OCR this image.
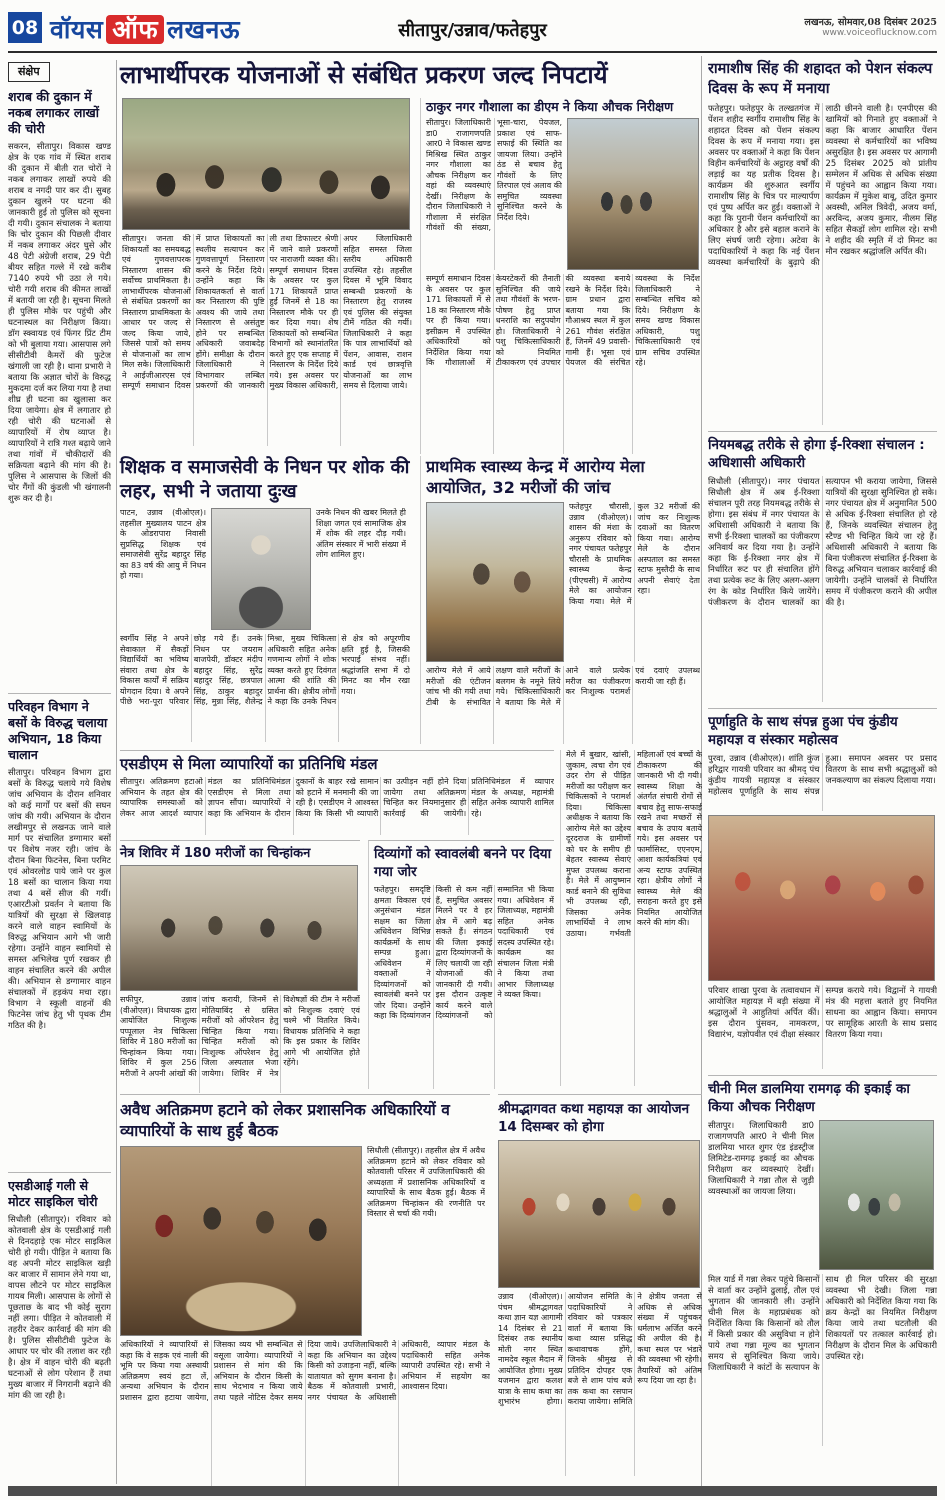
08 वॉयस ऑफ लखनऊ	सीतापुर/उन्नाव/फतेहपुर	लखनऊ, सोमवार,08 दिसंबर 2025
www.voiceoflucknow.com
संक्षेप
शराब की दुकान में नकब लगाकर लाखों की चोरी
सकरन, सीतापुर। विकास खण्ड क्षेत्र के एक गांव में स्थित शराब की दुकान में बीती रात चोरों ने नकब लगाकर लाखों रुपये की शराब व नगदी पार कर दी। सुबह दुकान खुलने पर घटना की जानकारी हुई तो पुलिस को सूचना दी गयी। दुकान संचालक ने बताया कि चोर दुकान की पिछली दीवार में नकब लगाकर अंदर घुसे और 48 पेटी अंग्रेजी शराब, 29 पेटी बीयर सहित गल्ले में रखे करीब 7140 रुपये भी उठा ले गये। चोरी गयी शराब की कीमत लाखों में बतायी जा रही है। सूचना मिलते ही पुलिस मौके पर पहुंची और घटनास्थल का निरीक्षण किया। डॉग स्क्वायड एवं फिंगर प्रिंट टीम को भी बुलाया गया। आसपास लगे सीसीटीवी कैमरों की फुटेज खंगाली जा रही है। थाना प्रभारी ने बताया कि अज्ञात चोरों के विरुद्ध मुकदमा दर्ज कर लिया गया है तथा शीघ्र ही घटना का खुलासा कर दिया जायेगा। क्षेत्र में लगातार हो रही चोरी की घटनाओं से व्यापारियों में रोष व्याप्त है। व्यापारियों ने रात्रि गश्त बढ़ाये जाने तथा गांवों में चौकीदारों की सक्रियता बढ़ाने की मांग की है। पुलिस ने आसपास के जिलों की चोर गैंगों की कुंडली भी खंगालनी शुरू कर दी है।
परिवहन विभाग ने बसों के विरुद्ध चलाया अभियान, 18 किया चालान
सीतापुर। परिवहन विभाग द्वारा बसों के विरुद्ध चलाये गये विशेष जांच अभियान के दौरान शनिवार को कई मार्गों पर बसों की सघन जांच की गयी। अभियान के दौरान लखीमपुर से लखनऊ जाने वाले मार्ग पर संचालित डग्गामार बसों पर विशेष नजर रही। जांच के दौरान बिना फिटनेस, बिना परमिट एवं ओवरलोड पाये जाने पर कुल 18 बसों का चालान किया गया तथा 4 बसें सीज की गयीं। एआरटीओ प्रवर्तन ने बताया कि यात्रियों की सुरक्षा से खिलवाड़ करने वाले वाहन स्वामियों के विरुद्ध अभियान आगे भी जारी रहेगा। उन्होंने वाहन स्वामियों से समस्त अभिलेख पूर्ण रखकर ही वाहन संचालित करने की अपील की। अभियान से डग्गामार वाहन संचालकों में हड़कंप मचा रहा। विभाग ने स्कूली वाहनों की फिटनेस जांच हेतु भी पृथक टीम गठित की है।
एसडीआई गली से मोटर साइकिल चोरी
सिधौली (सीतापुर)। रविवार को कोतवाली क्षेत्र के एसडीआई गली से दिनदहाड़े एक मोटर साइकिल चोरी हो गयी। पीड़ित ने बताया कि वह अपनी मोटर साइकिल खड़ी कर बाजार में सामान लेने गया था, वापस लौटने पर मोटर साइकिल गायब मिली। आसपास के लोगों से पूछताछ के बाद भी कोई सुराग नहीं लगा। पीड़ित ने कोतवाली में तहरीर देकर कार्रवाई की मांग की है। पुलिस सीसीटीवी फुटेज के आधार पर चोर की तलाश कर रही है। क्षेत्र में वाहन चोरी की बढ़ती घटनाओं से लोग परेशान हैं तथा मुख्य बाजार में निगरानी बढ़ाने की मांग की जा रही है।
लाभार्थीपरक योजनाओं से संबंधित प्रकरण जल्द निपटायें
सीतापुर। जनता की शिकायतों का समयबद्ध एवं गुणवत्तापरक निस्तारण शासन की सर्वोच्च प्राथमिकता है। लाभार्थीपरक योजनाओं से संबंधित प्रकरणों का निस्तारण प्राथमिकता के आधार पर जल्द से जल्द किया जाये, जिससे पात्रों को समय से योजनाओं का लाभ मिल सके। जिलाधिकारी ने आईजीआरएस एवं सम्पूर्ण समाधान दिवस में प्राप्त शिकायतों का स्थलीय सत्यापन कर गुणवत्तापूर्ण निस्तारण करने के निर्देश दिये। उन्होंने कहा कि शिकायतकर्ता से वार्ता कर निस्तारण की पुष्टि अवश्य की जाये तथा निस्तारण से असंतुष्ट होने पर सम्बन्धित अधिकारी जवाबदेह होंगे। समीक्षा के दौरान जिलाधिकारी ने विभागवार लम्बित प्रकरणों की जानकारी ली तथा डिफाल्टर श्रेणी में जाने वाले प्रकरणों पर नाराजगी व्यक्त की। सम्पूर्ण समाधान दिवस के अवसर पर कुल 171 शिकायतें प्राप्त हुईं जिनमें से 18 का निस्तारण मौके पर ही कर दिया गया। शेष शिकायतों को सम्बन्धित विभागों को स्थानांतरित करते हुए एक सप्ताह में निस्तारण के निर्देश दिये गये। इस अवसर पर मुख्य विकास अधिकारी, अपर जिलाधिकारी सहित समस्त जिला स्तरीय अधिकारी उपस्थित रहे। तहसील दिवस में भूमि विवाद सम्बन्धी प्रकरणों के निस्तारण हेतु राजस्व एवं पुलिस की संयुक्त टीमें गठित की गयीं। जिलाधिकारी ने कहा कि पात्र लाभार्थियों को पेंशन, आवास, राशन कार्ड एवं छात्रवृत्ति योजनाओं का लाभ समय से दिलाया जाये।
ठाकुर नगर गौशाला का डीएम ने किया औचक निरीक्षण
सीतापुर। जिलाधिकारी डा0 राजागणपति आर0 ने विकास खण्ड मिश्रिख स्थित ठाकुर नगर गौशाला का औचक निरीक्षण कर वहां की व्यवस्थाएं देखीं। निरीक्षण के दौरान जिलाधिकारी ने गौशाला में संरक्षित गौवंशों की संख्या, भूसा-चारा, पेयजल, प्रकाश एवं साफ-सफाई की स्थिति का जायजा लिया। उन्होंने ठंड से बचाव हेतु गौवंशों के लिए तिरपाल एवं अलाव की समुचित व्यवस्था सुनिश्चित करने के निर्देश दिये।
सम्पूर्ण समाधान दिवस के अवसर पर कुल 171 शिकायतों में से 18 का निस्तारण मौके पर ही किया गया। इसीक्रम में उपस्थित अधिकारियों को निर्देशित किया गया कि गौशालाओं में केयरटेकरों की तैनाती सुनिश्चित की जाये तथा गौवंशों के भरण-पोषण हेतु प्राप्त धनराशि का सदुपयोग हो। जिलाधिकारी ने पशु चिकित्साधिकारी को नियमित टीकाकरण एवं उपचार की व्यवस्था बनाये रखने के निर्देश दिये। ग्राम प्रधान द्वारा बताया गया कि गौआश्रय स्थल में कुल 261 गौवंश संरक्षित हैं, जिनमें 49 प्रवासी-गामी हैं। भूसा एवं पेयजल की संरचित व्यवस्था के निर्देश जिलाधिकारी ने सम्बन्धित सचिव को दिये। निरीक्षण के समय खण्ड विकास अधिकारी, पशु चिकित्साधिकारी एवं ग्राम सचिव उपस्थित रहे।
शिक्षक व समाजसेवी के निधन पर शोक की लहर, सभी ने जताया दुःख
पाटन, उन्नाव (वीओएल)। तहसील मुख्यालय पाटन क्षेत्र के ओडरापारा निवासी सुप्रसिद्ध शिक्षक एवं समाजसेवी सुरेंद्र बहादुर सिंह का 83 वर्ष की आयु में निधन हो गया।
उनके निधन की खबर मिलते ही शिक्षा जगत एवं सामाजिक क्षेत्र में शोक की लहर दौड़ गयी। अंतिम संस्कार में भारी संख्या में लोग शामिल हुए।
स्वर्गीय सिंह ने अपने सेवाकाल में सैकड़ों विद्यार्थियों का भविष्य संवारा तथा क्षेत्र के विकास कार्यों में सक्रिय योगदान दिया। वे अपने पीछे भरा-पूरा परिवार छोड़ गये हैं। उनके निधन पर जयराम बाजपेयी, डॉक्टर मंदीप बहादुर सिंह, सुरेंद्र बहादुर सिंह, छत्रपाल सिंह, ठाकुर बहादुर सिंह, मुन्ना सिंह, शैलेन्द्र मिश्रा, मुख्य चिकित्सा अधिकारी सहित अनेक गणमान्य लोगों ने शोक व्यक्त करते हुए दिवंगत आत्मा की शांति की प्रार्थना की। क्षेत्रीय लोगों ने कहा कि उनके निधन से क्षेत्र को अपूरणीय क्षति हुई है, जिसकी भरपाई संभव नहीं। श्रद्धांजलि सभा में दो मिनट का मौन रखा गया।
प्राथमिक स्वास्थ्य केन्द्र में आरोग्य मेला आयोजित, 32 मरीजों की जांच
फतेहपुर चौरासी, उन्नाव (वीओएल)। शासन की मंशा के अनुरूप रविवार को नगर पंचायत फतेहपुर चौरासी के प्राथमिक स्वास्थ्य केन्द्र (पीएचसी) में आरोग्य मेले का आयोजन किया गया। मेले में कुल 32 मरीजों की जांच कर निःशुल्क दवाओं का वितरण किया गया। आरोग्य मेले के दौरान अस्पताल का समस्त स्टाफ मुस्तैदी के साथ अपनी सेवाएं देता रहा।
आरोग्य मेले में आये मरीजों की एंटीजन जांच भी की गयी तथा टीबी के संभावित लक्षण वाले मरीजों के बलगम के नमूने लिये गये। चिकित्साधिकारी ने बताया कि मेले में आने वाले प्रत्येक मरीज का पंजीकरण कर निःशुल्क परामर्श एवं दवाएं उपलब्ध करायी जा रही हैं।
मेले में बुखार, खांसी, जुकाम, त्वचा रोग एवं उदर रोग से पीड़ित मरीजों का परीक्षण कर चिकित्सकों ने परामर्श दिया। चिकित्सा अधीक्षक ने बताया कि आरोग्य मेले का उद्देश्य दूरदराज के ग्रामीणों को घर के समीप ही बेहतर स्वास्थ्य सेवाएं मुफ्त उपलब्ध कराना है। मेले में आयुष्मान कार्ड बनाने की सुविधा भी उपलब्ध रही, जिसका अनेक लाभार्थियों ने लाभ उठाया। गर्भवती महिलाओं एवं बच्चों के टीकाकरण की जानकारी भी दी गयी। स्वास्थ्य शिक्षा के अंतर्गत संचारी रोगों से बचाव हेतु साफ-सफाई रखने तथा मच्छरों से बचाव के उपाय बताये गये। इस अवसर पर फार्मासिस्ट, एएनएम, आशा कार्यकत्रियां एवं अन्य स्टाफ उपस्थित रहा। क्षेत्रीय लोगों ने स्वास्थ्य मेले की सराहना करते हुए इसे नियमित आयोजित करने की मांग की।
एसडीएम से मिला व्यापारियों का प्रतिनिधि मंडल
सीतापुर। अतिक्रमण हटाओ अभियान के तहत क्षेत्र की व्यापारिक समस्याओं को लेकर आज आदर्श व्यापार मंडल का प्रतिनिधिमंडल एसडीएम से मिला तथा ज्ञापन सौंपा। व्यापारियों ने कहा कि अभियान के दौरान दुकानों के बाहर रखे सामान को हटाने में मनमानी की जा रही है। एसडीएम ने आश्वस्त किया कि किसी भी व्यापारी का उत्पीड़न नहीं होने दिया जायेगा तथा अतिक्रमण चिन्हित कर नियमानुसार ही कार्रवाई की जायेगी। प्रतिनिधिमंडल में व्यापार मंडल के अध्यक्ष, महामंत्री सहित अनेक व्यापारी शामिल रहे।
नेत्र शिविर में 180 मरीजों का चिन्हांकन
सफीपुर, उन्नाव (वीओएल)। विधायक द्वारा आयोजित निःशुल्क पप्पूलाल नेत्र चिकित्सा शिविर में 180 मरीजों का चिन्हांकन किया गया। शिविर में कुल 256 मरीजों ने अपनी आंखों की जांच करायी, जिनमें से मोतियाबिंद से ग्रसित मरीजों को ऑपरेशन हेतु चिन्हित किया गया। चिन्हित मरीजों को निःशुल्क ऑपरेशन हेतु जिला अस्पताल भेजा जायेगा। शिविर में नेत्र विशेषज्ञों की टीम ने मरीजों को निःशुल्क दवाएं एवं चश्मे भी वितरित किये। विधायक प्रतिनिधि ने कहा कि इस प्रकार के शिविर आगे भी आयोजित होते रहेंगे।
दिव्यांगों को स्वावलंबी बनने पर दिया गया जोर
फतेहपुर। समदृष्टि क्षमता विकास एवं अनुसंधान मंडल सक्षम का जिला अधिवेशन विभिन्न कार्यक्रमों के साथ सम्पन्न हुआ। अधिवेशन में वक्ताओं ने दिव्यांगजनों को स्वावलंबी बनने पर जोर दिया। उन्होंने कहा कि दिव्यांगजन किसी से कम नहीं हैं, समुचित अवसर मिलने पर वे हर क्षेत्र में आगे बढ़ सकते हैं। संगठन की जिला इकाई द्वारा दिव्यांगजनों के लिए चलायी जा रही योजनाओं की जानकारी दी गयी। इस दौरान उत्कृष्ट कार्य करने वाले दिव्यांगजनों को सम्मानित भी किया गया। अधिवेशन में जिलाध्यक्ष, महामंत्री सहित अनेक पदाधिकारी एवं सदस्य उपस्थित रहे। कार्यक्रम का संचालन जिला मंत्री ने किया तथा आभार जिलाध्यक्ष ने व्यक्त किया।
अवैध अतिक्रमण हटाने को लेकर प्रशासनिक अधिकारियों व व्यापारियों के साथ हुई बैठक
सिधौली (सीतापुर)। तहसील क्षेत्र में अवैध अतिक्रमण हटाने को लेकर रविवार को कोतवाली परिसर में उपजिलाधिकारी की अध्यक्षता में प्रशासनिक अधिकारियों व व्यापारियों के साथ बैठक हुई। बैठक में अतिक्रमण चिन्हांकन की रणनीति पर विस्तार से चर्चा की गयी।
अधिकारियों ने व्यापारियों से कहा कि वे सड़क एवं नाली की भूमि पर किया गया अस्थायी अतिक्रमण स्वयं हटा लें, अन्यथा अभियान के दौरान प्रशासन द्वारा हटाया जायेगा, जिसका व्यय भी सम्बन्धित से वसूला जायेगा। व्यापारियों ने प्रशासन से मांग की कि अभियान के दौरान किसी के साथ भेदभाव न किया जाये तथा पहले नोटिस देकर समय दिया जाये। उपजिलाधिकारी ने कहा कि अभियान का उद्देश्य किसी को उजाड़ना नहीं, बल्कि यातायात को सुगम बनाना है। बैठक में कोतवाली प्रभारी, नगर पंचायत के अधिशासी अधिकारी, व्यापार मंडल के पदाधिकारी सहित अनेक व्यापारी उपस्थित रहे। सभी ने अभियान में सहयोग का आश्वासन दिया।
श्रीमद्भागवत कथा महायज्ञ का आयोजन 14 दिसम्बर को होगा
उन्नाव (वीओएल)। पंचम श्रीमद्भागवत कथा ज्ञान यज्ञ आगामी 14 दिसंबर से 21 दिसंबर तक स्थानीय मोती नगर स्थित नामदेव स्कूल मैदान में आयोजित होगा। मुख्य यजमान द्वारा कलश यात्रा के साथ कथा का शुभारंभ होगा। आयोजन समिति के पदाधिकारियों ने रविवार को पत्रकार वार्ता में बताया कि कथा व्यास प्रसिद्ध कथावाचक होंगे, जिनके श्रीमुख से प्रतिदिन दोपहर एक बजे से शाम पांच बजे तक कथा का रसपान कराया जायेगा। समिति ने क्षेत्रीय जनता से अधिक से अधिक संख्या में पहुंचकर धर्मलाभ अर्जित करने की अपील की है। कथा स्थल पर भंडारे की व्यवस्था भी रहेगी। तैयारियों को अंतिम रूप दिया जा रहा है।
रामाशीष सिंह की शहादत को पेशन संकल्प दिवस के रूप में मनाया
फतेहपुर। फतेहपुर के तल्खतगंज में पेंशन शहीद स्वर्गीय रामाशीष सिंह के शहादत दिवस को पेंशन संकल्प दिवस के रूप में मनाया गया। इस अवसर पर वक्ताओं ने कहा कि पेंशन विहीन कर्मचारियों के अट्ठारह वर्षों की लड़ाई का यह प्रतीक दिवस है। कार्यक्रम की शुरुआत स्वर्गीय रामाशीष सिंह के चित्र पर माल्यार्पण एवं पुष्प अर्पित कर हुई। वक्ताओं ने कहा कि पुरानी पेंशन कर्मचारियों का अधिकार है और इसे बहाल कराने के लिए संघर्ष जारी रहेगा। अटेवा के पदाधिकारियों ने कहा कि नई पेंशन व्यवस्था कर्मचारियों के बुढ़ापे की लाठी छीनने वाली है। एनपीएस की खामियों को गिनाते हुए वक्ताओं ने कहा कि बाजार आधारित पेंशन व्यवस्था से कर्मचारियों का भविष्य असुरक्षित है। इस अवसर पर आगामी 25 दिसंबर 2025 को प्रांतीय सम्मेलन में अधिक से अधिक संख्या में पहुंचने का आह्वान किया गया। कार्यक्रम में मुकेश बाबू, उदित कुमार अवस्थी, अनिल त्रिवेदी, अजय वर्मा, अरविन्द, अजय कुमार, नीलम सिंह सहित सैकड़ों लोग शामिल रहे। सभी ने शहीद की स्मृति में दो मिनट का मौन रखकर श्रद्धांजलि अर्पित की।
नियमबद्ध तरीके से होगा ई-रिक्शा संचालन : अधिशासी अधिकारी
सिधौली (सीतापुर)। नगर पंचायत सिधौली क्षेत्र में अब ई-रिक्शा संचालन पूरी तरह नियमबद्ध तरीके से होगा। इस संबंध में नगर पंचायत के अधिशासी अधिकारी ने बताया कि सभी ई-रिक्शा चालकों का पंजीकरण अनिवार्य कर दिया गया है। उन्होंने कहा कि ई-रिक्शा नगर क्षेत्र में निर्धारित रूट पर ही संचालित होंगे तथा प्रत्येक रूट के लिए अलग-अलग रंग के कोड निर्धारित किये जायेंगे। पंजीकरण के दौरान चालकों का सत्यापन भी कराया जायेगा, जिससे यात्रियों की सुरक्षा सुनिश्चित हो सके। नगर पंचायत क्षेत्र में अनुमानित 500 से अधिक ई-रिक्शा संचालित हो रहे हैं, जिनके व्यवस्थित संचालन हेतु स्टैण्ड भी चिन्हित किये जा रहे हैं। अधिशासी अधिकारी ने बताया कि बिना पंजीकरण संचालित ई-रिक्शा के विरुद्ध अभियान चलाकर कार्रवाई की जायेगी। उन्होंने चालकों से निर्धारित समय में पंजीकरण कराने की अपील की है।
पूर्णाहुति के साथ संपन्न हुआ पंच कुंडीय महायज्ञ व संस्कार महोत्सव
पुरवा, उन्नाव (वीओएल)। शांति कुंज हरिद्वार गायत्री परिवार का श्रीमद् पंच कुंडीय गायत्री महायज्ञ व संस्कार महोत्सव पूर्णाहुति के साथ संपन्न हुआ। समापन अवसर पर प्रसाद वितरण के साथ सभी श्रद्धालुओं को जनकल्याण का संकल्प दिलाया गया।
परिवार शाखा पुरवा के तत्वावधान में आयोजित महायज्ञ में बड़ी संख्या में श्रद्धालुओं ने आहुतियां अर्पित कीं। इस दौरान पुंसवन, नामकरण, विद्यारंभ, यज्ञोपवीत एवं दीक्षा संस्कार सम्पन्न कराये गये। विद्वानों ने गायत्री मंत्र की महत्ता बताते हुए नियमित साधना का आह्वान किया। समापन पर सामूहिक आरती के साथ प्रसाद वितरण किया गया।
चीनी मिल डालमिया रामगढ़ की इकाई का किया औचक निरीक्षण
सीतापुर। जिलाधिकारी डा0 राजागणपति आर0 ने चीनी मिल डालमिया भारत शुगर एंड इंडस्ट्रीज लिमिटेड-रामगढ़ इकाई का औचक निरीक्षण कर व्यवस्थाएं देखीं। जिलाधिकारी ने गन्ना तौल से जुड़ी व्यवस्थाओं का जायजा लिया।
मिल यार्ड में गन्ना लेकर पहुंचे किसानों से वार्ता कर उन्होंने ढुलाई, तौल एवं भुगतान की जानकारी ली। उन्होंने चीनी मिल के महाप्रबंधक को निर्देशित किया कि किसानों को तौल में किसी प्रकार की असुविधा न होने पाये तथा गन्ना मूल्य का भुगतान समय से सुनिश्चित किया जाये। जिलाधिकारी ने कांटों के सत्यापन के साथ ही मिल परिसर की सुरक्षा व्यवस्था भी देखी। जिला गन्ना अधिकारी को निर्देशित किया गया कि क्रय केन्द्रों का नियमित निरीक्षण किया जाये तथा घटतौली की शिकायतों पर तत्काल कार्रवाई हो। निरीक्षण के दौरान मिल के अधिकारी उपस्थित रहे।
